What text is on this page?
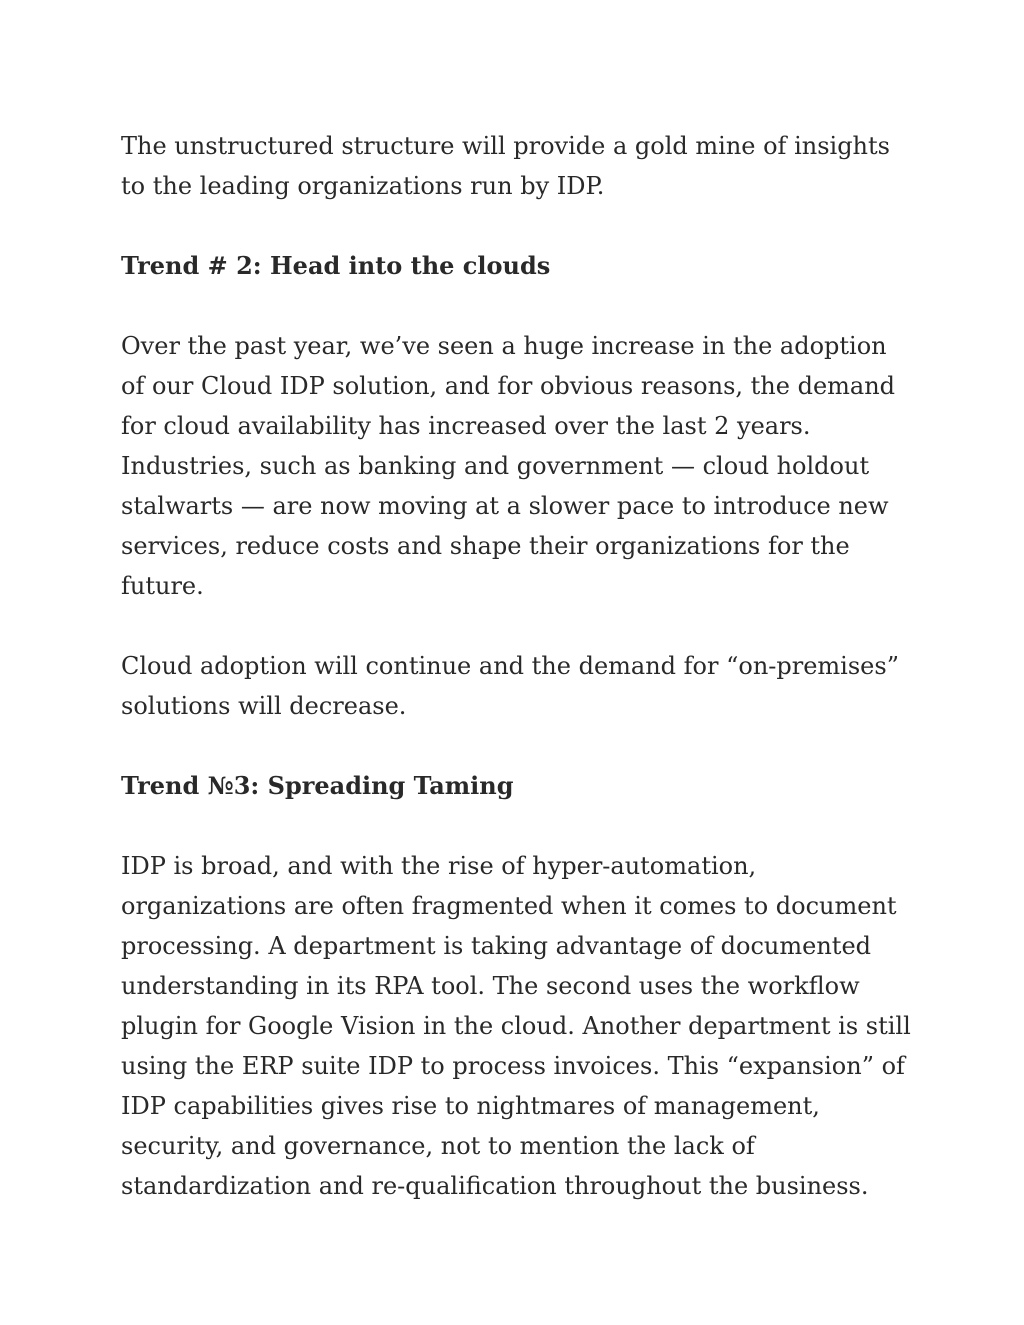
The unstructured structure will provide a gold mine of insights to the leading organizations run by IDP.

Trend # 2: Head into the clouds

Over the past year, we’ve seen a huge increase in the adoption of our Cloud IDP solution, and for obvious reasons, the demand for cloud availability has increased over the last 2 years. Industries, such as banking and government — cloud holdout stalwarts — are now moving at a slower pace to introduce new services, reduce costs and shape their organizations for the future.

Cloud adoption will continue and the demand for “on-premises” solutions will decrease.

Trend №3: Spreading Taming

IDP is broad, and with the rise of hyper-automation, organizations are often fragmented when it comes to document processing. A department is taking advantage of documented understanding in its RPA tool. The second uses the workflow plugin for Google Vision in the cloud. Another department is still using the ERP suite IDP to process invoices. This “expansion” of IDP capabilities gives rise to nightmares of management, security, and governance, not to mention the lack of standardization and re-qualification throughout the business.
